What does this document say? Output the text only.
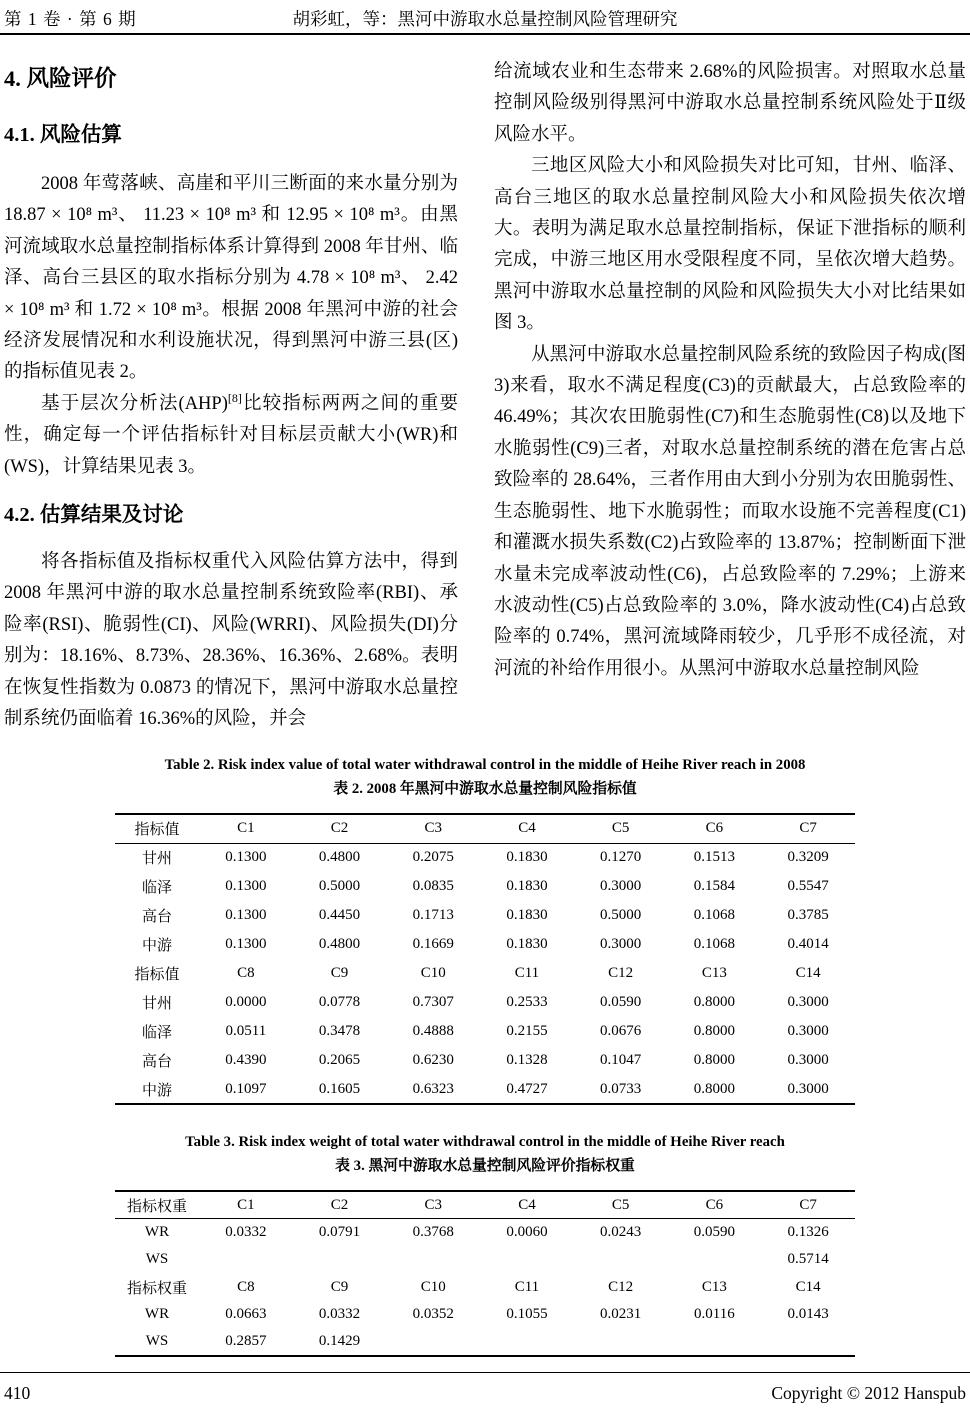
第 1 卷 · 第 6 期	胡彩虹，等：黑河中游取水总量控制风险管理研究
4. 风险评价
4.1. 风险估算

2008 年莺落峡、高崖和平川三断面的来水量分别为 18.87 × 10⁸ m³、 11.23 × 10⁸ m³ 和 12.95 × 10⁸ m³。由黑河流域取水总量控制指标体系计算得到 2008 年甘州、临泽、高台三县区的取水指标分别为 4.78 × 10⁸ m³、 2.42 × 10⁸ m³ 和 1.72 × 10⁸ m³。根据 2008 年黑河中游的社会经济发展情况和水利设施状况，得到黑河中游三县(区)的指标值见表 2。

基于层次分析法(AHP)[8]比较指标两两之间的重要性，确定每一个评估指标针对目标层贡献大小(WR)和(WS)，计算结果见表 3。

4.2. 估算结果及讨论

将各指标值及指标权重代入风险估算方法中，得到 2008 年黑河中游的取水总量控制系统致险率(RBI)、承险率(RSI)、脆弱性(CI)、风险(WRRI)、风险损失(DI)分别为：18.16%、8.73%、28.36%、16.36%、2.68%。表明在恢复性指数为 0.0873 的情况下，黑河中游取水总量控制系统仍面临着 16.36%的风险，并会

给流域农业和生态带来 2.68%的风险损害。对照取水总量控制风险级别得黑河中游取水总量控制系统风险处于Ⅱ级风险水平。

三地区风险大小和风险损失对比可知，甘州、临泽、高台三地区的取水总量控制风险大小和风险损失依次增大。表明为满足取水总量控制指标，保证下泄指标的顺利完成，中游三地区用水受限程度不同，呈依次增大趋势。黑河中游取水总量控制的风险和风险损失大小对比结果如图 3。

从黑河中游取水总量控制风险系统的致险因子构成(图 3)来看，取水不满足程度(C3)的贡献最大，占总致险率的 46.49%；其次农田脆弱性(C7)和生态脆弱性(C8)以及地下水脆弱性(C9)三者，对取水总量控制系统的潜在危害占总致险率的 28.64%，三者作用由大到小分别为农田脆弱性、生态脆弱性、地下水脆弱性；而取水设施不完善程度(C1)和灌溉水损失系数(C2)占致险率的 13.87%；控制断面下泄水量未完成率波动性(C6)，占总致险率的 7.29%；上游来水波动性(C5)占总致险率的 3.0%，降水波动性(C4)占总致险率的 0.74%，黑河流域降雨较少，几乎形不成径流，对河流的补给作用很小。从黑河中游取水总量控制风险

Table 2. Risk index value of total water withdrawal control in the middle of Heihe River reach in 2008
表 2. 2008 年黑河中游取水总量控制风险指标值
指标值	C1	C2	C3	C4	C5	C6	C7
甘州	0.1300	0.4800	0.2075	0.1830	0.1270	0.1513	0.3209
临泽	0.1300	0.5000	0.0835	0.1830	0.3000	0.1584	0.5547
高台	0.1300	0.4450	0.1713	0.1830	0.5000	0.1068	0.3785
中游	0.1300	0.4800	0.1669	0.1830	0.3000	0.1068	0.4014
指标值	C8	C9	C10	C11	C12	C13	C14
甘州	0.0000	0.0778	0.7307	0.2533	0.0590	0.8000	0.3000
临泽	0.0511	0.3478	0.4888	0.2155	0.0676	0.8000	0.3000
高台	0.4390	0.2065	0.6230	0.1328	0.1047	0.8000	0.3000
中游	0.1097	0.1605	0.6323	0.4727	0.0733	0.8000	0.3000
Table 3. Risk index weight of total water withdrawal control in the middle of Heihe River reach
表 3. 黑河中游取水总量控制风险评价指标权重
指标权重	C1	C2	C3	C4	C5	C6	C7
WR	0.0332	0.0791	0.3768	0.0060	0.0243	0.0590	0.1326
WS							0.5714
指标权重	C8	C9	C10	C11	C12	C13	C14
WR	0.0663	0.0332	0.0352	0.1055	0.0231	0.0116	0.0143
WS	0.2857	0.1429					
410	Copyright © 2012 Hanspub
